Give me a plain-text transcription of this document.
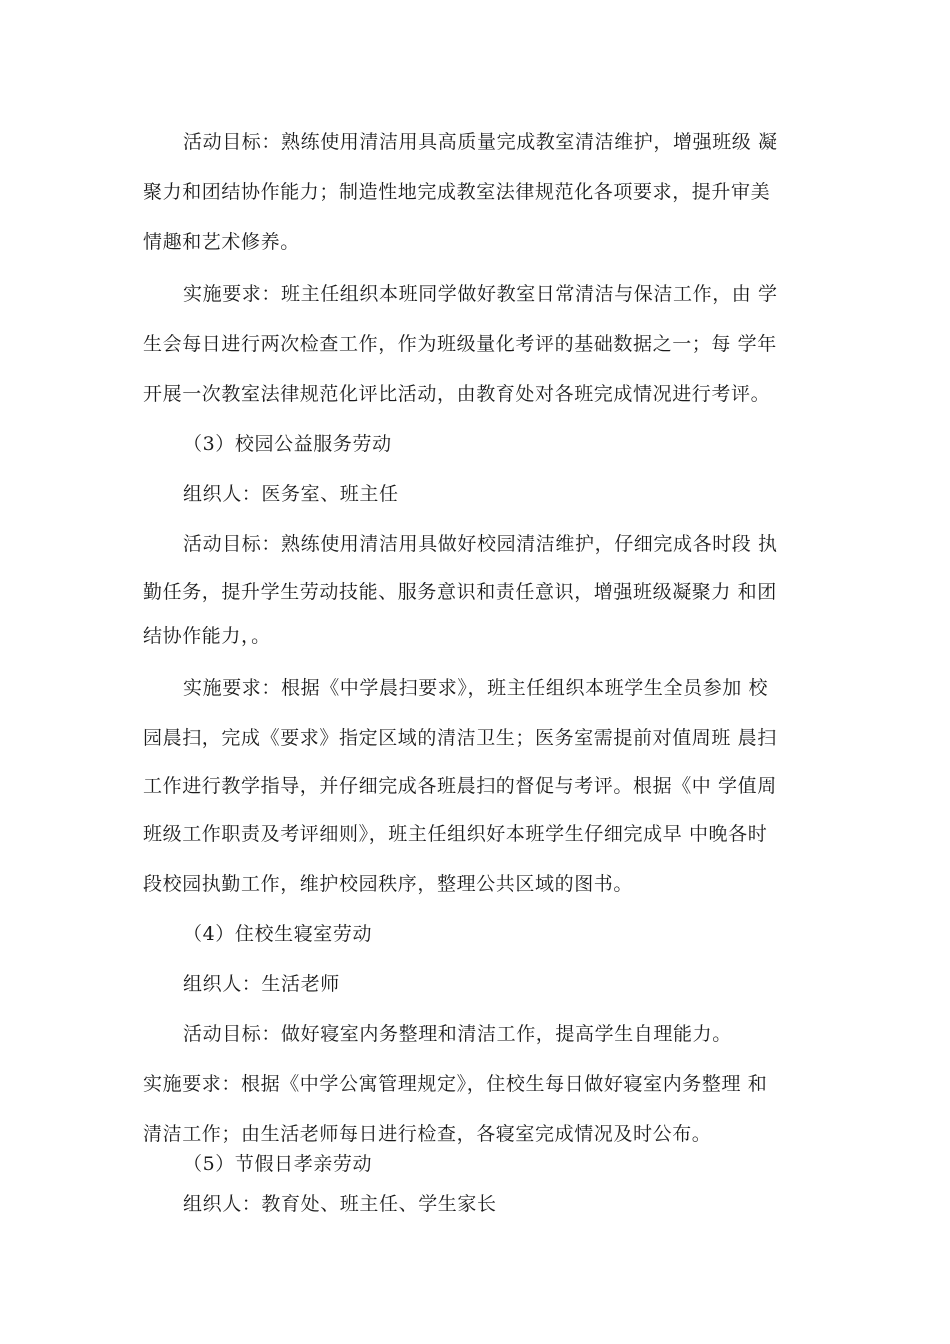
活动目标：熟练使用清洁用具高质量完成教室清洁维护，增强班级 凝
聚力和团结协作能力；制造性地完成教室法律规范化各项要求，提升审美
情趣和艺术修养。
实施要求：班主任组织本班同学做好教室日常清洁与保洁工作，由 学
生会每日进行两次检查工作，作为班级量化考评的基础数据之一；每 学年
开展一次教室法律规范化评比活动，由教育处对各班完成情况进行考评。
（3）校园公益服务劳动
组织人：医务室、班主任
活动目标：熟练使用清洁用具做好校园清洁维护，仔细完成各时段 执
勤任务，提升学生劳动技能、服务意识和责任意识，增强班级凝聚力 和团
结协作能力，。
实施要求：根据《中学晨扫要求》，班主任组织本班学生全员参加 校
园晨扫，完成《要求》指定区域的清洁卫生；医务室需提前对值周班 晨扫
工作进行教学指导，并仔细完成各班晨扫的督促与考评。根据《中 学值周
班级工作职责及考评细则》，班主任组织好本班学生仔细完成早 中晚各时
段校园执勤工作，维护校园秩序，整理公共区域的图书。
（4）住校生寝室劳动
组织人：生活老师
活动目标：做好寝室内务整理和清洁工作，提高学生自理能力。
实施要求：根据《中学公寓管理规定》，住校生每日做好寝室内务整理 和
清洁工作；由生活老师每日进行检查，各寝室完成情况及时公布。
（5）节假日孝亲劳动
组织人：教育处、班主任、学生家长
